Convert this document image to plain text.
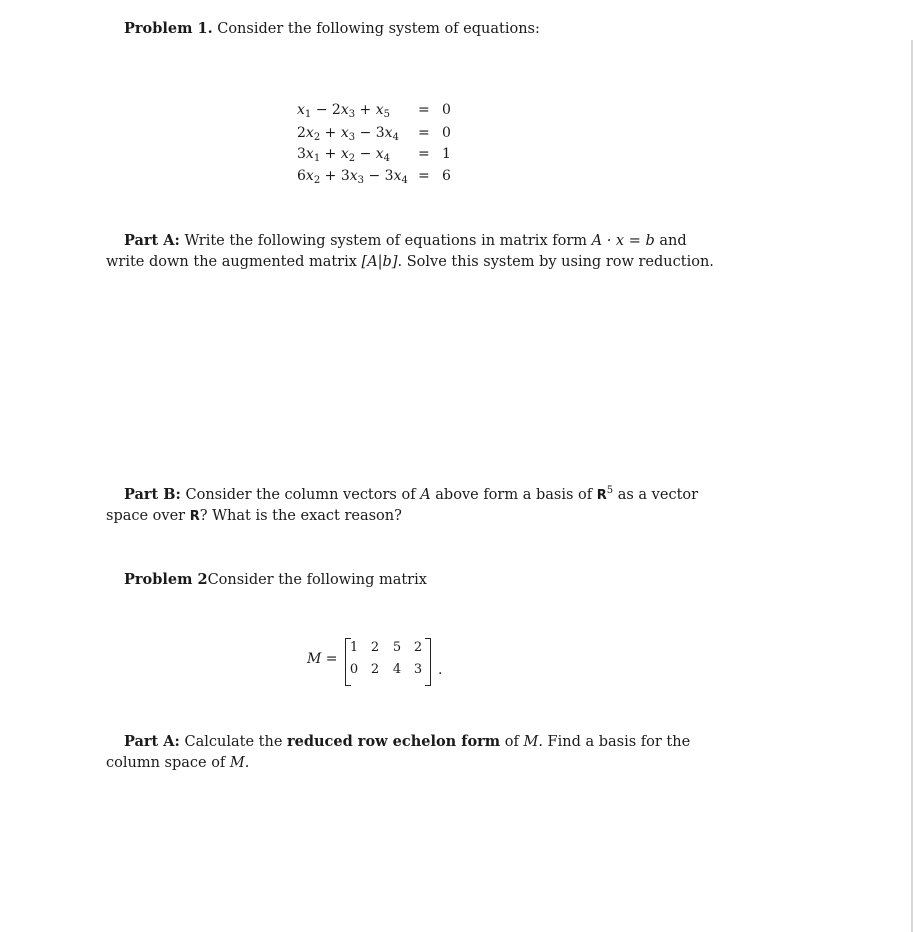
Problem 1. Consider the following system of equations:
$x_1 - 2x_3 + x_5 = 0$
$2x_2 + x_3 - 3x_4 = 0$
$3x_1 + x_2 - x_4 = 1$
$6x_2 + 3x_3 - 3x_4 = 6$
Part A: Write the following system of equations in matrix form A · x = b and
write down the augmented matrix [A|b]. Solve this system by using row reduction.
Part B: Consider the column vectors of A above form a basis of $R^5$ as a vector
space over R? What is the exact reason?
Problem 2Consider the following matrix
M =
1 2 5 2
0 2 4 3 .
Part A: Calculate the reduced row echelon form of M. Find a basis for the
column space of M.
